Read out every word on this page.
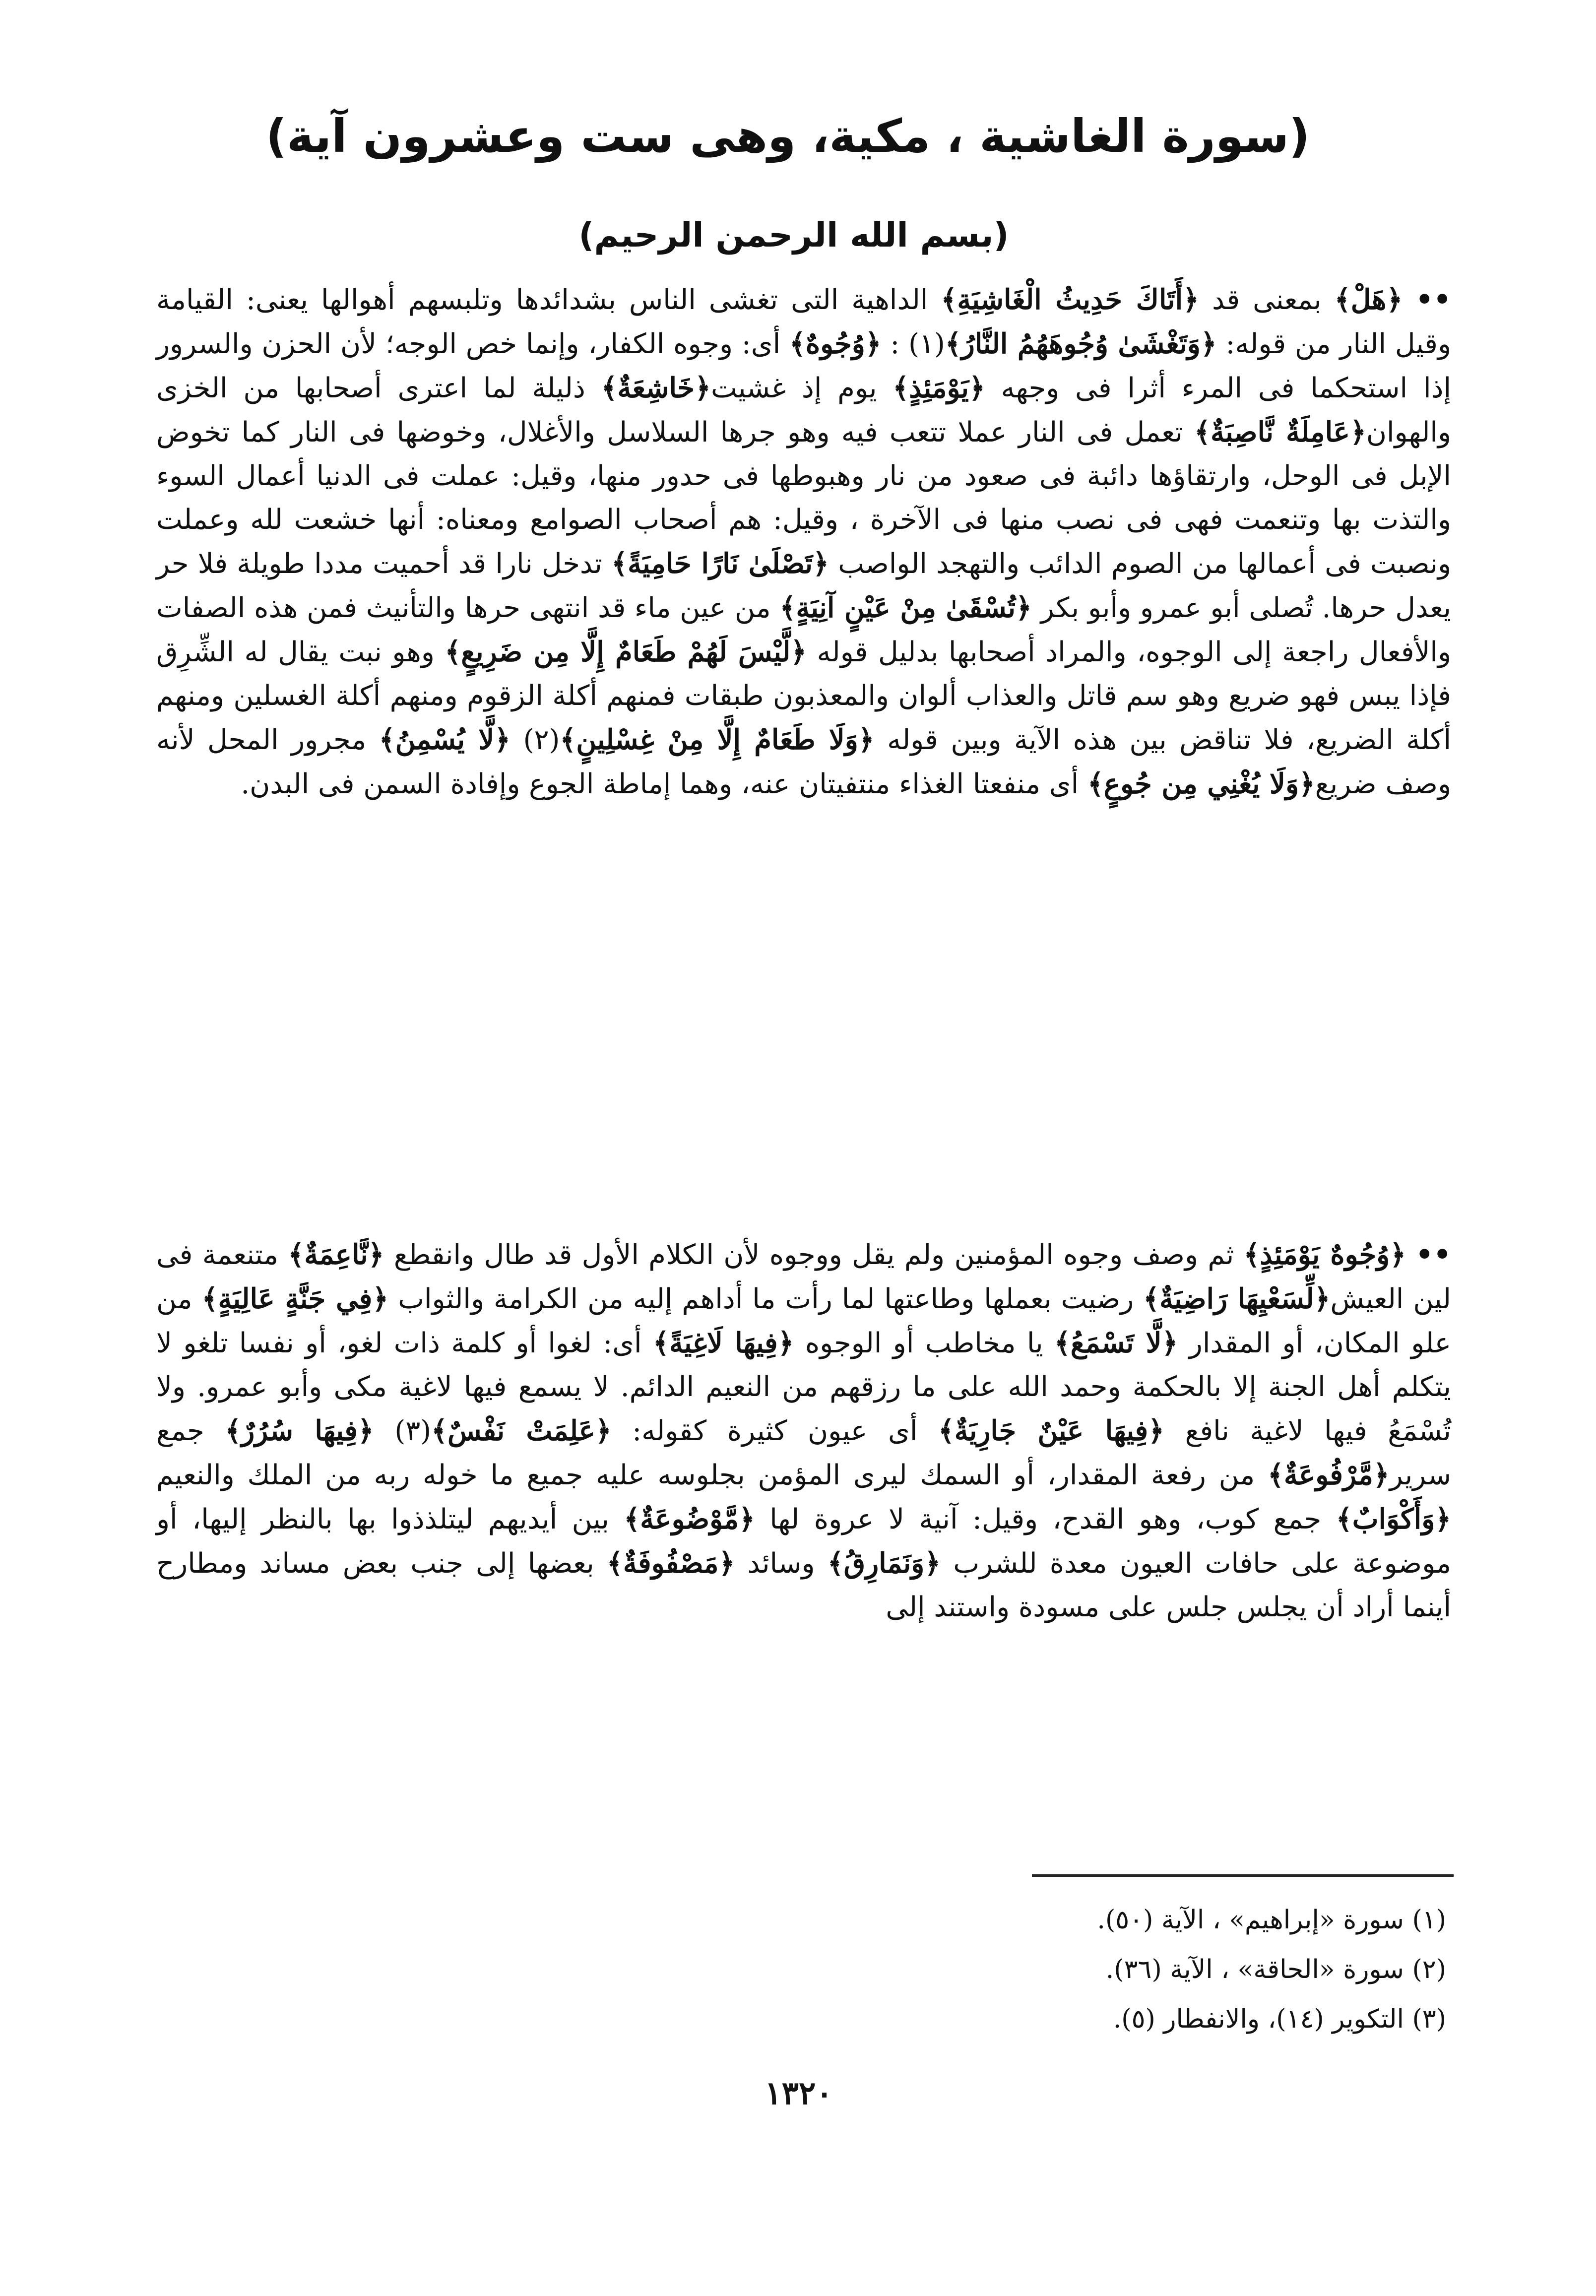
(سورة الغاشية ، مكية، وهى ست وعشرون آية)
(بسم الله الرحمن الرحيم)
•• ﴿هَلْ﴾ بمعنى قد ﴿أَتَاكَ حَدِيثُ الْغَاشِيَةِ﴾ الداهية التى تغشى الناس بشدائدها وتلبسهم أهوالها يعنى: القيامة وقيل النار من قوله: ﴿وَتَغْشَىٰ وُجُوهَهُمُ النَّارُ﴾(١) : ﴿وُجُوهٌ﴾ أى: وجوه الكفار، وإنما خص الوجه؛ لأن الحزن والسرور إذا استحكما فى المرء أثرا فى وجهه ﴿يَوْمَئِذٍ﴾ يوم إذ غشيت﴿خَاشِعَةٌ﴾ ذليلة لما اعترى أصحابها من الخزى والهوان﴿عَامِلَةٌ نَّاصِبَةٌ﴾ تعمل فى النار عملا تتعب فيه وهو جرها السلاسل والأغلال، وخوضها فى النار كما تخوض الإبل فى الوحل، وارتقاؤها دائبة فى صعود من نار وهبوطها فى حدور منها، وقيل: عملت فى الدنيا أعمال السوء والتذت بها وتنعمت فهى فى نصب منها فى الآخرة ، وقيل: هم أصحاب الصوامع ومعناه: أنها خشعت لله وعملت ونصبت فى أعمالها من الصوم الدائب والتهجد الواصب ﴿تَصْلَىٰ نَارًا حَامِيَةً﴾ تدخل نارا قد أحميت مددا طويلة فلا حر يعدل حرها. تُصلى أبو عمرو وأبو بكر ﴿تُسْقَىٰ مِنْ عَيْنٍ آنِيَةٍ﴾ من عين ماء قد انتهى حرها والتأنيث فمن هذه الصفات والأفعال راجعة إلى الوجوه، والمراد أصحابها بدليل قوله ﴿لَّيْسَ لَهُمْ طَعَامٌ إِلَّا مِن ضَرِيعٍ﴾ وهو نبت يقال له الشِّرِق فإذا يبس فهو ضريع وهو سم قاتل والعذاب ألوان والمعذبون طبقات فمنهم أكلة الزقوم ومنهم أكلة الغسلين ومنهم أكلة الضريع، فلا تناقض بين هذه الآية وبين قوله ﴿وَلَا طَعَامٌ إِلَّا مِنْ غِسْلِينٍ﴾(٢) ﴿لَّا يُسْمِنُ﴾ مجرور المحل لأنه وصف ضريع﴿وَلَا يُغْنِي مِن جُوعٍ﴾ أى منفعتا الغذاء منتفيتان عنه، وهما إماطة الجوع وإفادة السمن فى البدن.
•• ﴿وُجُوهٌ يَوْمَئِذٍ﴾ ثم وصف وجوه المؤمنين ولم يقل ووجوه لأن الكلام الأول قد طال وانقطع ﴿نَّاعِمَةٌ﴾ متنعمة فى لين العيش﴿لِّسَعْيِهَا رَاضِيَةٌ﴾ رضيت بعملها وطاعتها لما رأت ما أداهم إليه من الكرامة والثواب ﴿فِي جَنَّةٍ عَالِيَةٍ﴾ من علو المكان، أو المقدار ﴿لَّا تَسْمَعُ﴾ يا مخاطب أو الوجوه ﴿فِيهَا لَاغِيَةً﴾ أى: لغوا أو كلمة ذات لغو، أو نفسا تلغو لا يتكلم أهل الجنة إلا بالحكمة وحمد الله على ما رزقهم من النعيم الدائم. لا يسمع فيها لاغية مكى وأبو عمرو. ولا تُسْمَعُ فيها لاغية نافع ﴿فِيهَا عَيْنٌ جَارِيَةٌ﴾ أى عيون كثيرة كقوله: ﴿عَلِمَتْ نَفْسٌ﴾(٣) ﴿فِيهَا سُرُرٌ﴾ جمع سرير﴿مَّرْفُوعَةٌ﴾ من رفعة المقدار، أو السمك ليرى المؤمن بجلوسه عليه جميع ما خوله ربه من الملك والنعيم ﴿وَأَكْوَابٌ﴾ جمع كوب، وهو القدح، وقيل: آنية لا عروة لها ﴿مَّوْضُوعَةٌ﴾ بين أيديهم ليتلذذوا بها بالنظر إليها، أو موضوعة على حافات العيون معدة للشرب ﴿وَنَمَارِقُ﴾ وسائد ﴿مَصْفُوفَةٌ﴾ بعضها إلى جنب بعض مساند ومطارح أينما أراد أن يجلس جلس على مسودة واستند إلى
(١) سورة «إبراهيم» ، الآية (٥٠).
(٢) سورة «الحاقة» ، الآية (٣٦).
(٣) التكوير (١٤)، والانفطار (٥).
١٣٢٠
